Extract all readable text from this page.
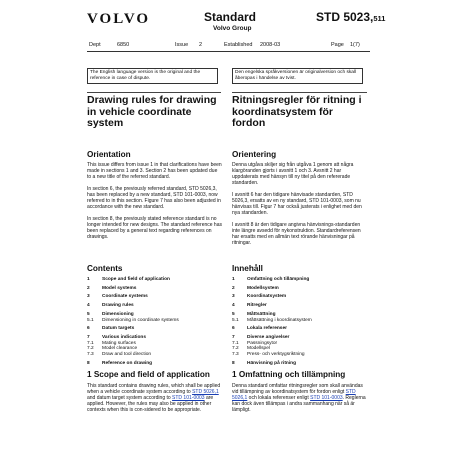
VOLVO	Standard
Volvo Group
STD 5023,511
Dept	6850	Issue 2	Established 2008-03	Page 1(7)
The English language version is the original and the reference in case of dispute.
Den engelska språkversionen är originalversion och skall åberopas i händelse av tvist.
Drawing rules for drawing in vehicle coordinate system
Ritningsregler för ritning i koordinatsystem för fordon
Orientation	Orientering

This issue differs from issue 1 in that clarifications have been made in sections 1 and 3. Section 2 has been updated due to a new title of the referred standard.

In section 6, the previously referred standard, STD 5026,3, has been replaced by a new standard, STD 101-0003, now referred to in this section. Figure 7 has also been adjusted in accordance with the new standard.

In section 8, the previously stated reference standard is no longer intended for new designs. The standard reference has been replaced by a general text regarding references on drawings.

Denna utgåva skiljer sig från utgåva 1 genom att några klargöranden gjorts i avsnitt 1 och 3. Avsnitt 2 har uppdaterats med hänsyn till ny titel på den refererade standarden.

I avsnitt 6 har den tidigare hänvisade standarden, STD 5026,3, ersatts av en ny standard, STD 101-0003, som nu hänvisas till. Figur 7 har också justerats i enlighet med den nya standarden.

I avsnitt 8 är den tidigare angivna hänvisnings-standarden inte längre avsedd för nykonstruktion. Standardreferensen har ersatts med en allmän text rörande hänvisningar på ritningar.

Contents	Innehåll
1	Scope and field of application
2	Model systems
3	Coordinate systems
4	Drawing rules
5	Dimensioning
5.1	Dimensioning in coordinate systems
6	Datum targets
7	Various indications
7.1	Mating surfaces
7.2	Model clearance
7.3	Draw and tool direction
8	Reference on drawing
1	Omfattning och tillämpning
2	Modellsystem
3	Koordinatsystem
4	Ritregler
5	Måttsättning
5.1	Måttsättning i koordinatsystem
6	Lokala referenser
7	Diverse angivelser
7.1	Passningsytor
7.2	Modellspel
7.3	Press- och verktygsriktning
8	Hänvisning på ritning
1 Scope and field of application	1 Omfattning och tillämpning
This standard contains drawing rules, which shall be applied when a vehicle coordinate system according to STD 5026,1 and datum target system according to STD 101-0003 are applied. However, the rules may also be applied in other contexts when this is con-sidered to be appropriate.
Denna standard omfattar ritningsregler som skall användas vid tillämpning av koordinatsystem för fordon enligt STD 5026,1 och lokala referenser enligt STD 101-0003. Reglerna kan dock även tillämpas i andra sammanhang när så är lämpligt.
